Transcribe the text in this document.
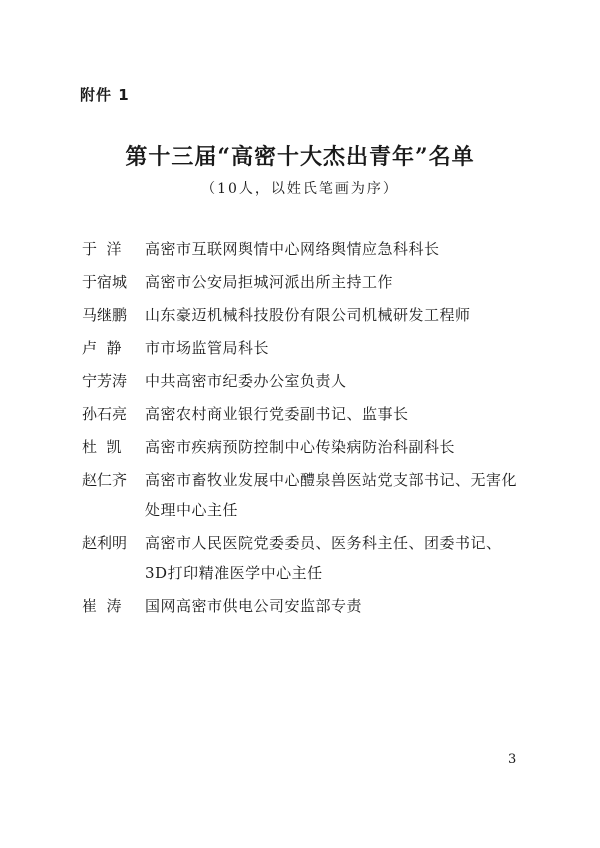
附件 1
第十三届“高密十大杰出青年”名单
（10人，以姓氏笔画为序）
于  洋	高密市互联网舆情中心网络舆情应急科科长
于宿城	高密市公安局拒城河派出所主持工作
马继鹏	山东豪迈机械科技股份有限公司机械研发工程师
卢  静	市市场监管局科长
宁芳涛	中共高密市纪委办公室负责人
孙石亮	高密农村商业银行党委副书记、监事长
杜  凯	高密市疾病预防控制中心传染病防治科副科长
赵仁齐	高密市畜牧业发展中心醴泉兽医站党支部书记、无害化处理中心主任
赵利明	高密市人民医院党委委员、医务科主任、团委书记、3D打印精准医学中心主任
崔  涛	国网高密市供电公司安监部专责
3
